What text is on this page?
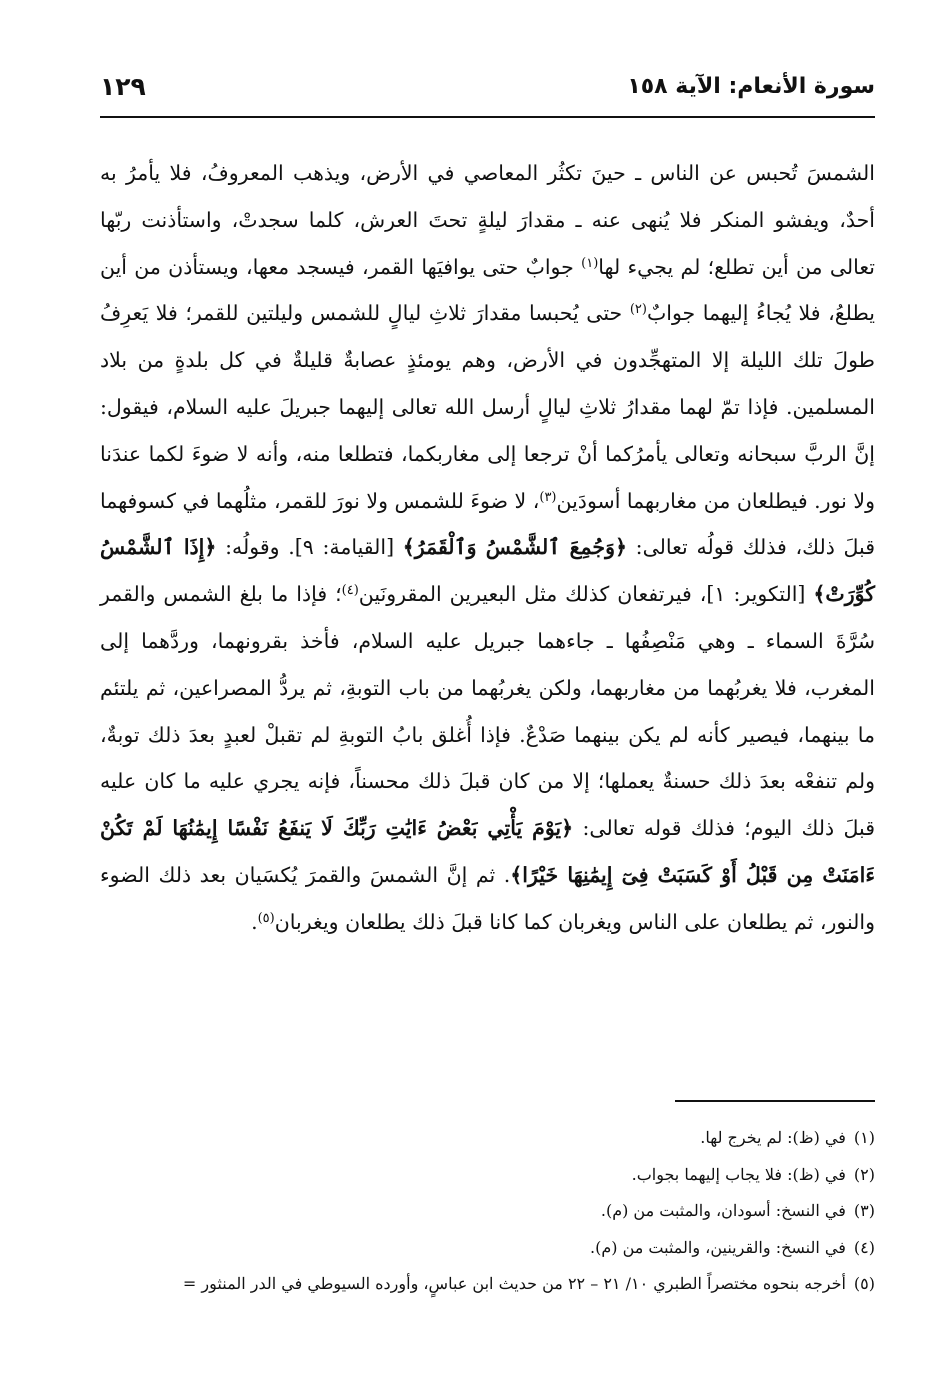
سورة الأنعام: الآية ١٥٨
١٢٩

الشمسَ تُحبس عن الناس ـ حينَ تكثُر المعاصي في الأرض، ويذهب المعروفُ، فلا يأمرُ به أحدٌ، ويفشو المنكر فلا يُنهى عنه ـ مقدارَ ليلةٍ تحتَ العرش، كلما سجدتْ، واستأذنت ربّها تعالى من أين تطلع؛ لم يجيء لها$^{(١)}$ جوابٌ حتى يوافيَها القمر، فيسجد معها، ويستأذن من أين يطلعُ، فلا يُجاءُ إليهما جوابٌ$^{(٢)}$ حتى يُحبسا مقدارَ ثلاثِ ليالٍ للشمس وليلتين للقمر؛ فلا يَعرِفُ طولَ تلك الليلة إلا المتهجِّدون في الأرض، وهم يومئذٍ عصابةٌ قليلةٌ في كل بلدةٍ من بلاد المسلمين. فإذا تمّ لهما مقدارُ ثلاثِ ليالٍ أرسل الله تعالى إليهما جبريلَ عليه السلام، فيقول: إنَّ الربَّ سبحانه وتعالى يأمرُكما أنْ ترجعا إلى مغاربكما، فتطلعا منه، وأنه لا ضوءَ لكما عندَنا ولا نور. فيطلعان من مغاربهما أسودَين$^{(٣)}$، لا ضوءَ للشمس ولا نورَ للقمر، مثلُهما في كسوفهما قبلَ ذلك، فذلك قولُه تعالى: ﴿وَجُمِعَ ٱلشَّمْسُ وَٱلْقَمَرُ﴾ [القيامة: ٩]. وقولُه: ﴿إِذَا ٱلشَّمْسُ كُوِّرَتْ﴾ [التكوير: ١]، فيرتفعان كذلك مثل البعيرين المقرونَين$^{(٤)}$؛ فإذا ما بلغ الشمس والقمر سُرَّةَ السماء ـ وهي مَنْصِفُها ـ جاءهما جبريل عليه السلام، فأخذ بقرونهما، وردَّهما إلى المغرب، فلا يغربُهما من مغاربهما، ولكن يغربُهما من باب التوبةِ، ثم يردُّ المصراعين، ثم يلتئم ما بينهما، فيصير كأنه لم يكن بينهما صَدْعٌ. فإذا أُغلق بابُ التوبةِ لم تقبلْ لعبدٍ بعدَ ذلك توبةٌ، ولم تنفعْه بعدَ ذلك حسنةٌ يعملها؛ إلا من كان قبلَ ذلك محسناً، فإنه يجري عليه ما كان عليه قبلَ ذلك اليوم؛ فذلك قوله تعالى: ﴿يَوْمَ يَأْتِي بَعْضُ ءَايَٰتِ رَبِّكَ لَا يَنفَعُ نَفْسًا إِيمَٰنُهَا لَمْ تَكُنْ ءَامَنَتْ مِن قَبْلُ أَوْ كَسَبَتْ فِىٓ إِيمَٰنِهَا خَيْرًا﴾. ثم إنَّ الشمسَ والقمرَ يُكسَيان بعد ذلك الضوء والنور، ثم يطلعان على الناس ويغربان كما كانا قبلَ ذلك يطلعان ويغربان$^{(٥)}$.

(١)في (ظ): لم يخرج لها.
(٢)في (ظ): فلا يجاب إليهما بجواب.
(٣)في النسخ: أسودان، والمثبت من (م).
(٤)في النسخ: والقرينين، والمثبت من (م).
(٥)أخرجه بنحوه مختصراً الطبري ١٠/ ٢١ – ٢٢ من حديث ابن عباسٍ، وأورده السيوطي في الدر المنثور =
